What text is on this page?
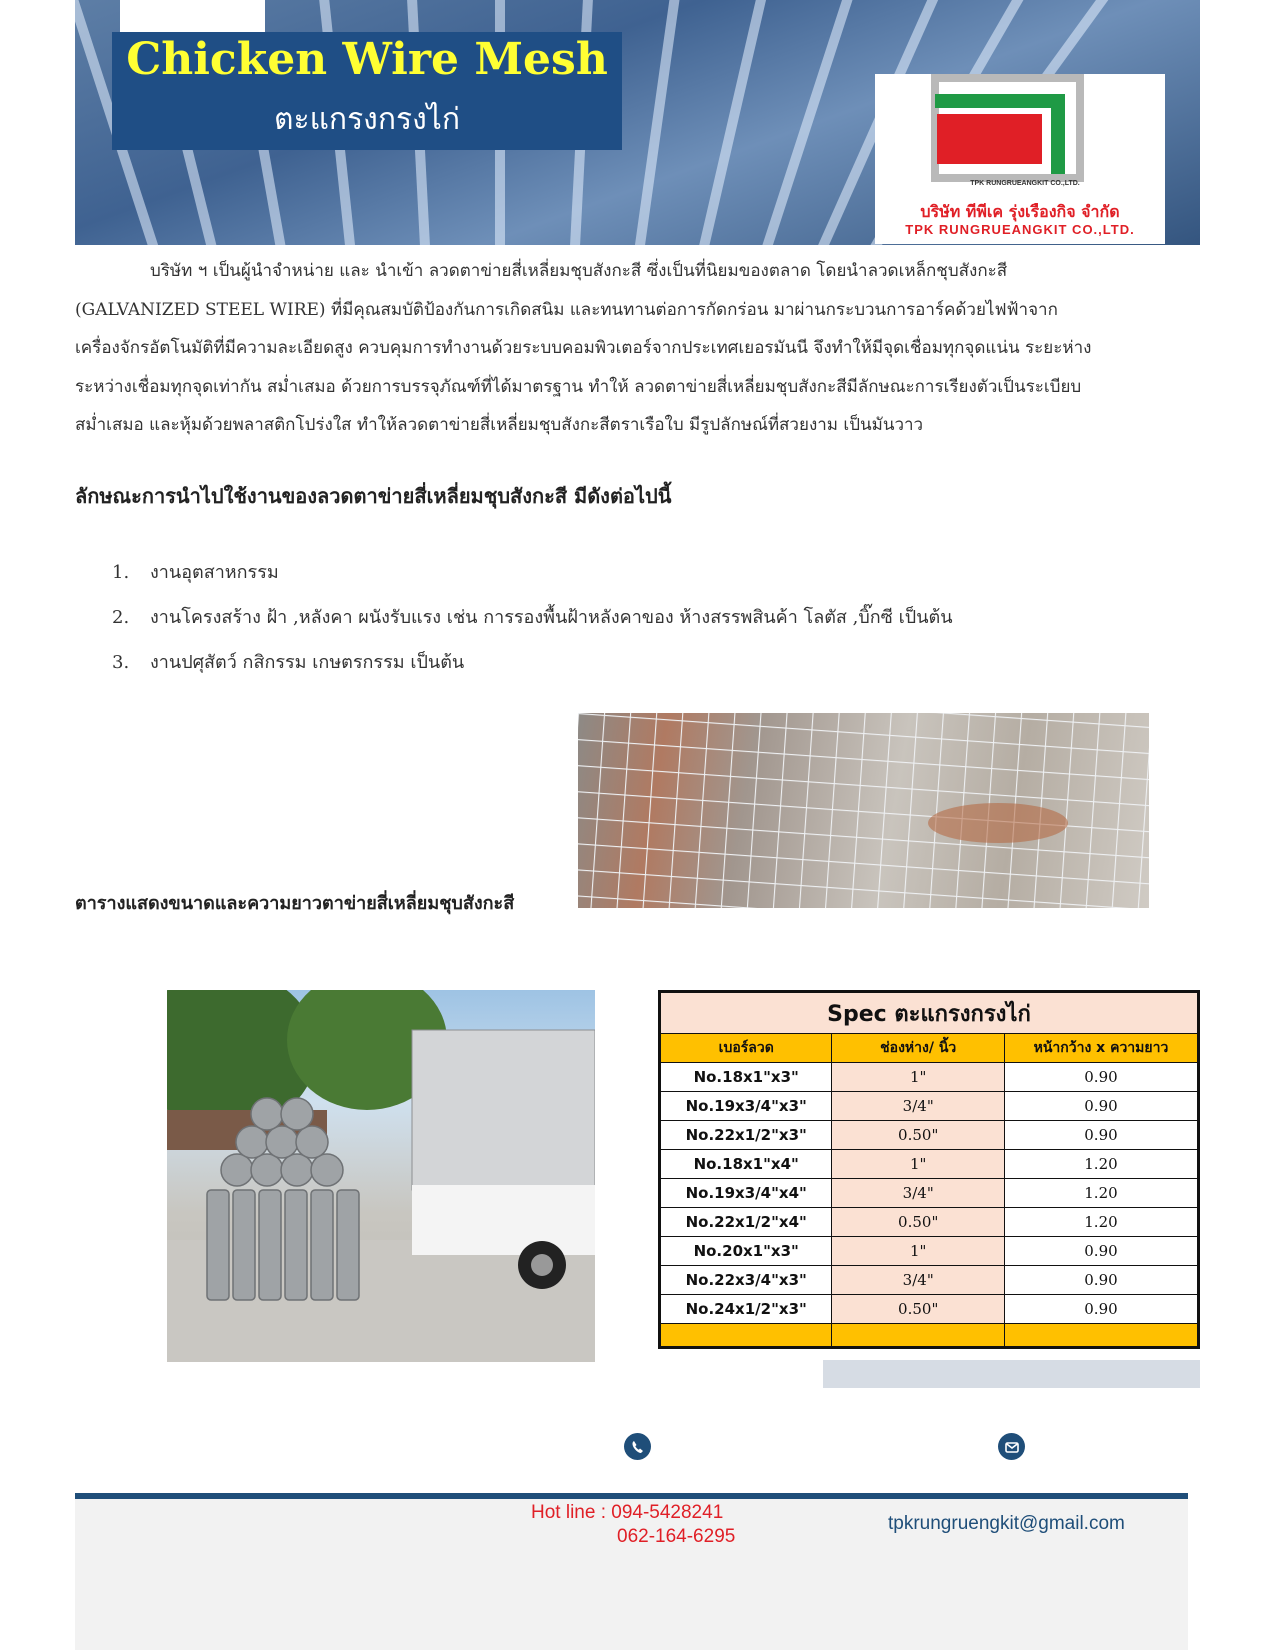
Chicken Wire Mesh
ตะแกรงกรงไก่
TPK RUNGRUEANGKIT CO.,LTD.
บริษัท ทีพีเค รุ่งเรืองกิจ จำกัด
TPK RUNGRUEANGKIT CO.,LTD.

บริษัท ฯ เป็นผู้นำจำหน่าย และ นำเข้า ลวดตาข่ายสี่เหลี่ยมชุบสังกะสี ซึ่งเป็นที่นิยมของตลาด โดยนำลวดเหล็กชุบสังกะสี

(GALVANIZED STEEL WIRE) ที่มีคุณสมบัติป้องกันการเกิดสนิม และทนทานต่อการกัดกร่อน มาผ่านกระบวนการอาร์คด้วยไฟฟ้าจาก

เครื่องจักรอัตโนมัติที่มีความละเอียดสูง ควบคุมการทำงานด้วยระบบคอมพิวเตอร์จากประเทศเยอรมันนี จึงทำให้มีจุดเชื่อมทุกจุดแน่น ระยะห่าง

ระหว่างเชื่อมทุกจุดเท่ากัน สม่ำเสมอ ด้วยการบรรจุภัณฑ์ที่ได้มาตรฐาน ทำให้ ลวดตาข่ายสี่เหลี่ยมชุบสังกะสีมีลักษณะการเรียงตัวเป็นระเบียบ

สม่ำเสมอ และหุ้มด้วยพลาสติกโปร่งใส ทำให้ลวดตาข่ายสี่เหลี่ยมชุบสังกะสีตราเรือใบ มีรูปลักษณ์ที่สวยงาม เป็นมันวาว

ลักษณะการนำไปใช้งานของลวดตาข่ายสี่เหลี่ยมชุบสังกะสี มีดังต่อไปนี้
1. งานอุตสาหกรรม
2. งานโครงสร้าง ฝ้า ,หลังคา ผนังรับแรง เช่น การรองพื้นฝ้าหลังคาของ ห้างสรรพสินค้า โลตัส ,บิ๊กซี เป็นต้น
3. งานปศุสัตว์ กสิกรรม เกษตรกรรม เป็นต้น
ตารางแสดงขนาดและความยาวตาข่ายสี่เหลี่ยมชุบสังกะสี
Spec ตะแกรงกรงไก่		
เบอร์ลวด	ช่องห่าง/ นิ้ว	หน้ากว้าง x ความยาว
No.18x1"x3"	1"	0.90
No.19x3/4"x3"	3/4"	0.90
No.22x1/2"x3"	0.50"	0.90
No.18x1"x4"	1"	1.20
No.19x3/4"x4"	3/4"	1.20
No.22x1/2"x4"	0.50"	1.20
No.20x1"x3"	1"	0.90
No.22x3/4"x3"	3/4"	0.90
No.24x1/2"x3"	0.50"	0.90

Hot line : 094-5428241
062-164-6295
tpkrungruengkit@gmail.com
